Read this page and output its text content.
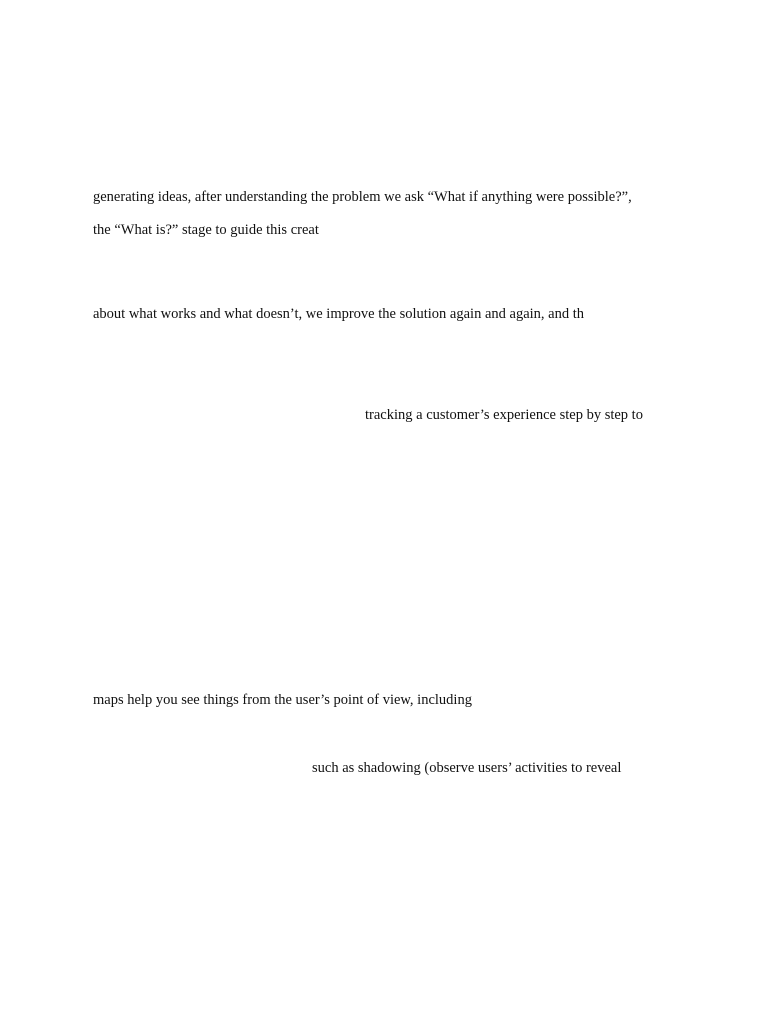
generating ideas, after understanding the problem we ask “What if anything were possible?”,

the “What is?” stage to guide this creat

about what works and what doesn’t, we improve the solution again and again, and th

tracking a customer’s experience step by step to

maps help you see things from the user’s point of view, including

such as shadowing (observe users’ activities to reveal
